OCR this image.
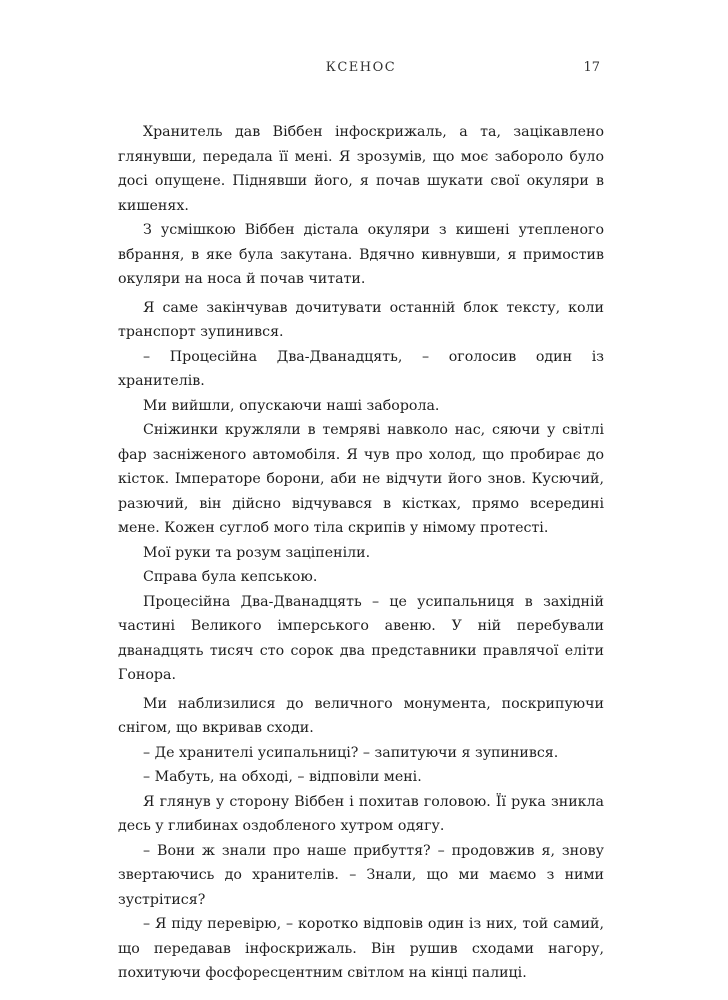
КСЕНОС	17

Хранитель дав Віббен інфоскрижаль, а та, зацікавлено глянувши, передала її мені. Я зрозумів, що моє забороло було досі опущене. Піднявши його, я почав шукати свої окуляри в кишенях.

З усмішкою Віббен дістала окуляри з кишені утепленого вбрання, в яке була закутана. Вдячно кивнувши, я примостив окуляри на носа й почав читати.

Я саме закінчував дочитувати останній блок тексту, коли транспорт зупинився.

– Процесійна Два-Дванадцять, – оголосив один із хранителів.

Ми вийшли, опускаючи наші заборола.

Сніжинки кружляли в темряві навколо нас, сяючи у світлі фар засніженого автомобіля. Я чув про холод, що пробирає до кісток. Імператоре борони, аби не відчути його знов. Кусючий, разючий, він дійсно відчувався в кістках, прямо всередині мене. Кожен суглоб мого тіла скрипів у німому протесті.

Мої руки та розум заціпеніли.

Справа була кепською.

Процесійна Два-Дванадцять – це усипальниця в західній частині Великого імперського авеню. У ній перебували дванадцять тисяч сто сорок два представники правлячої еліти Гонора.

Ми наблизилися до величного монумента, поскрипуючи снігом, що вкривав сходи.

– Де хранителі усипальниці? – запитуючи я зупинився.

– Мабуть, на обході, – відповіли мені.

Я глянув у сторону Віббен і похитав головою. Її рука зникла десь у глибинах оздобленого хутром одягу.

– Вони ж знали про наше прибуття? – продовжив я, знову звертаючись до хранителів. – Знали, що ми маємо з ними зустрітися?

– Я піду перевірю, – коротко відповів один із них, той самий, що передавав інфоскрижаль. Він рушив сходами нагору, похитуючи фосфоресцентним світлом на кінці палиці.
